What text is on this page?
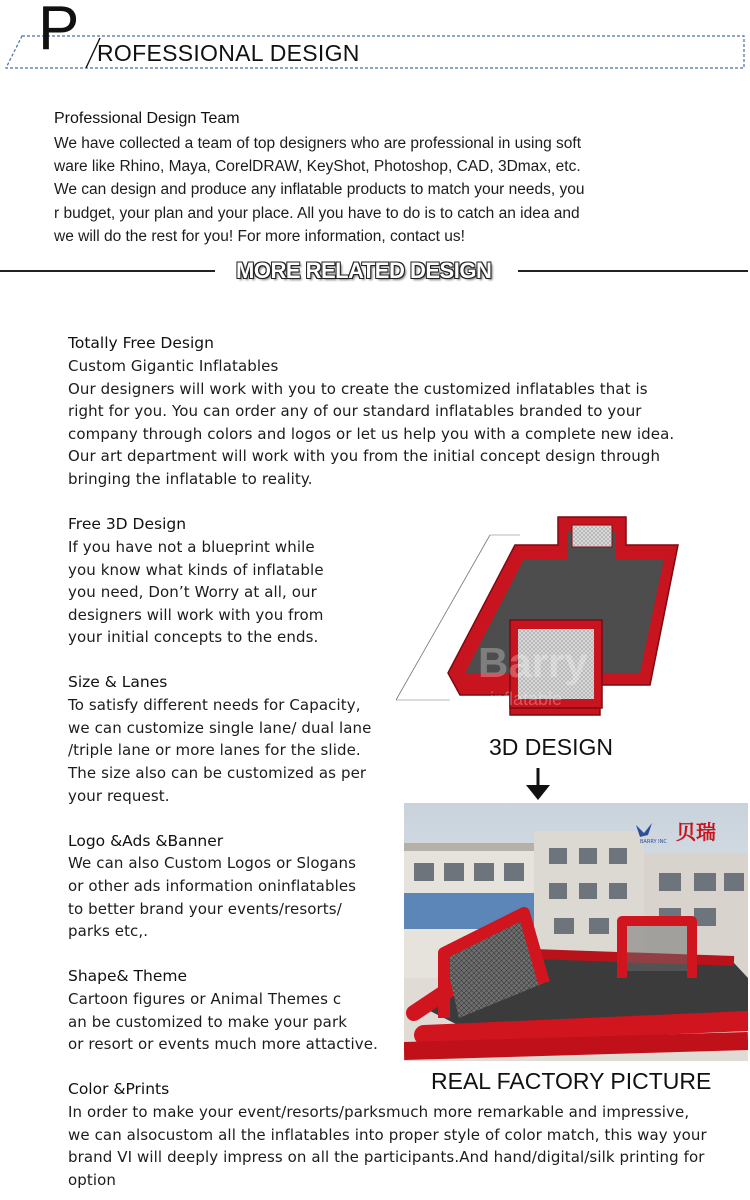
P ROFESSIONAL DESIGN
Professional Design Team
We have collected a team of top designers who are professional in using soft
ware like Rhino, Maya, CorelDRAW, KeyShot, Photoshop, CAD, 3Dmax, etc.
We can design and produce any inflatable products to match your needs, you
r budget, your plan and your place. All you have to do is to catch an idea and
we will do the rest for you! For more information, contact us!
MORE RELATED DESIGN
Totally Free Design
Custom Gigantic Inflatables
Our designers will work with you to create the customized inflatables that is
right for you. You can order any of our standard inflatables branded to your
company through colors and logos or let us help you with a complete new idea.
Our art department will work with you from the initial concept design through
bringing the inflatable to reality.
Free 3D Design
If you have not a blueprint while
you know what kinds of inflatable
you need, Don’t Worry at all, our
designers will work with you from
your initial concepts to the ends.
Size & Lanes
To satisfy different needs for Capacity,
we can customize single lane/ dual lane
/triple lane or more lanes for the slide.
The size also can be customized as per
your request.
Logo &Ads &Banner
We can also Custom Logos or Slogans
or other ads information oninflatables
to better brand your events/resorts/
parks etc,.
Shape& Theme
Cartoon figures or Animal Themes c
an be customized to make your park
or resort or events much more attactive.
Color &Prints
In order to make your event/resorts/parksmuch more remarkable and impressive,
we can alsocustom all the inflatables into proper style of color match, this way your
brand VI will deeply impress on all the participants.And hand/digital/silk printing for
option
Barry
inflatable
3D DESIGN
BARRY INC 贝瑞
REAL FACTORY PICTURE
